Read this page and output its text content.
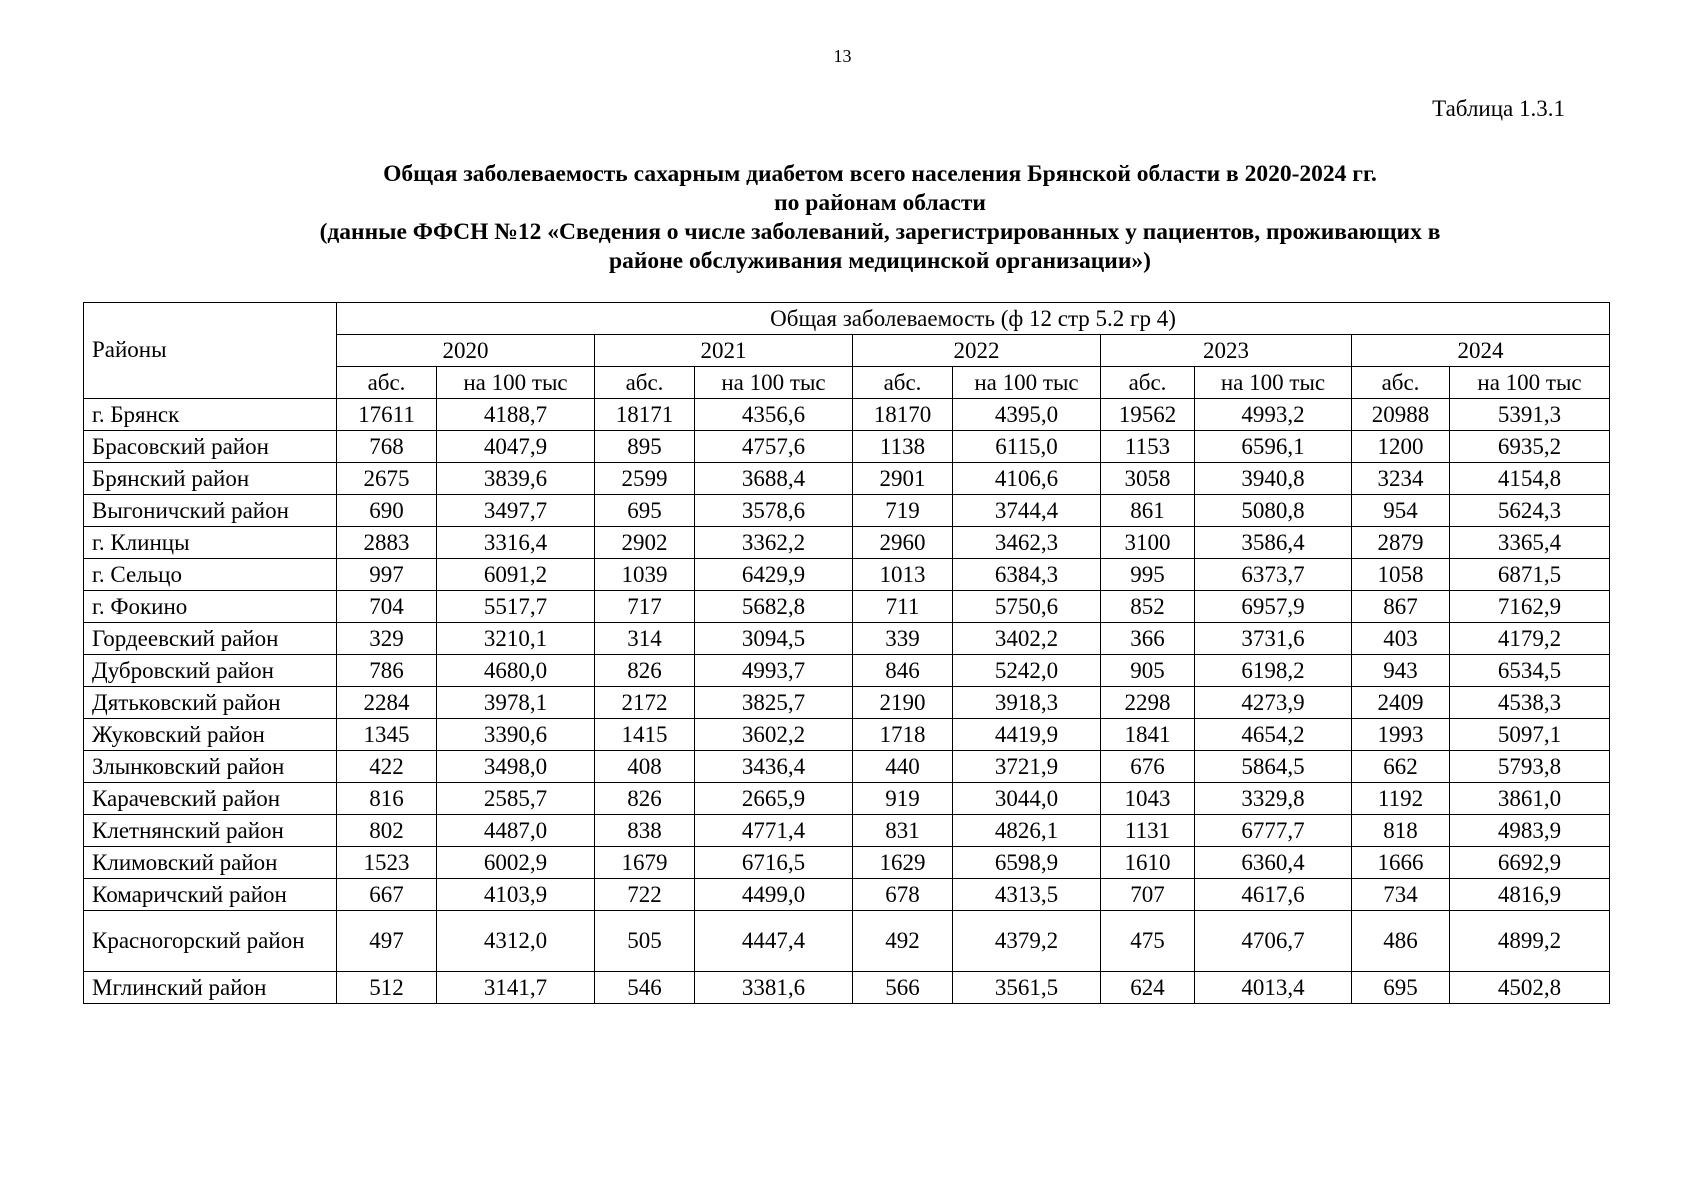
13
Таблица 1.3.1
Общая заболеваемость сахарным диабетом всего населения Брянской области в 2020-2024 гг.
по районам области
(данные ФФСН №12 «Сведения о числе заболеваний, зарегистрированных у пациентов, проживающих в
районе обслуживания медицинской организации»)
Районы	Общая заболеваемость (ф 12 стр 5.2 гр 4)									
	2020		2021		2022		2023		2024	
	абс.	на 100 тыс	абс.	на 100 тыс	абс.	на 100 тыс	абс.	на 100 тыс	абс.	на 100 тыс
г. Брянск	17611	4188,7	18171	4356,6	18170	4395,0	19562	4993,2	20988	5391,3
Брасовский район	768	4047,9	895	4757,6	1138	6115,0	1153	6596,1	1200	6935,2
Брянский район	2675	3839,6	2599	3688,4	2901	4106,6	3058	3940,8	3234	4154,8
Выгоничский район	690	3497,7	695	3578,6	719	3744,4	861	5080,8	954	5624,3
г. Клинцы	2883	3316,4	2902	3362,2	2960	3462,3	3100	3586,4	2879	3365,4
г. Сельцо	997	6091,2	1039	6429,9	1013	6384,3	995	6373,7	1058	6871,5
г. Фокино	704	5517,7	717	5682,8	711	5750,6	852	6957,9	867	7162,9
Гордеевский район	329	3210,1	314	3094,5	339	3402,2	366	3731,6	403	4179,2
Дубровский район	786	4680,0	826	4993,7	846	5242,0	905	6198,2	943	6534,5
Дятьковский район	2284	3978,1	2172	3825,7	2190	3918,3	2298	4273,9	2409	4538,3
Жуковский район	1345	3390,6	1415	3602,2	1718	4419,9	1841	4654,2	1993	5097,1
Злынковский район	422	3498,0	408	3436,4	440	3721,9	676	5864,5	662	5793,8
Карачевский район	816	2585,7	826	2665,9	919	3044,0	1043	3329,8	1192	3861,0
Клетнянский район	802	4487,0	838	4771,4	831	4826,1	1131	6777,7	818	4983,9
Климовский район	1523	6002,9	1679	6716,5	1629	6598,9	1610	6360,4	1666	6692,9
Комаричский район	667	4103,9	722	4499,0	678	4313,5	707	4617,6	734	4816,9
Красногорский район	497	4312,0	505	4447,4	492	4379,2	475	4706,7	486	4899,2
Мглинский район	512	3141,7	546	3381,6	566	3561,5	624	4013,4	695	4502,8
